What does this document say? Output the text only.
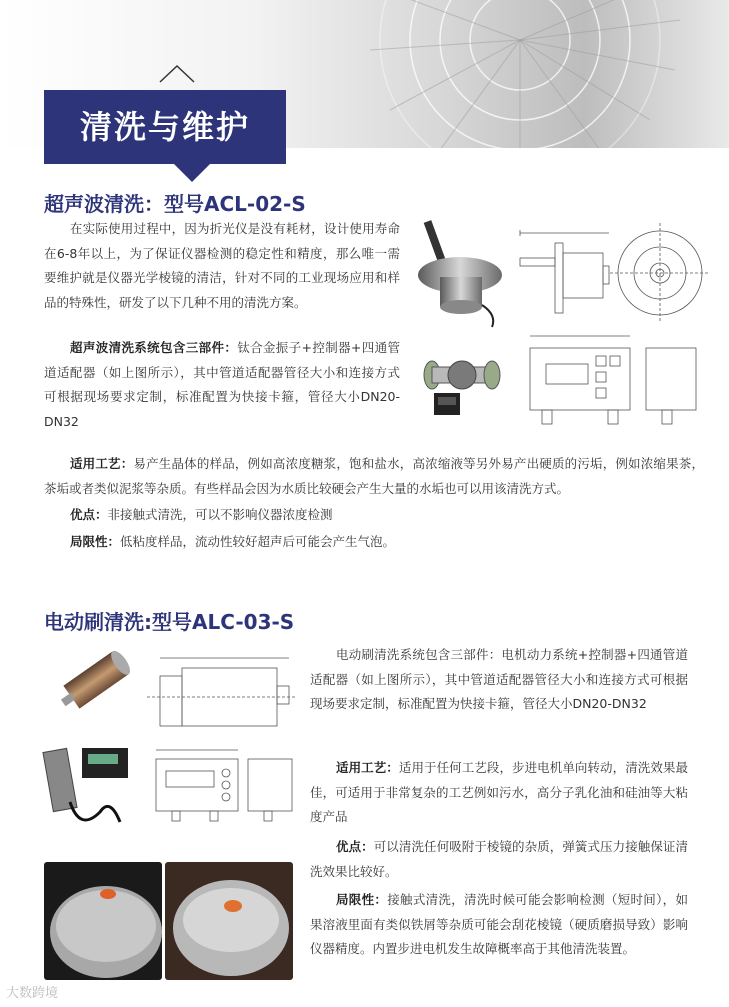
清洗与维护
超声波清洗：型号ACL-02-S

在实际使用过程中，因为折光仪是没有耗材，设计使用寿命在6-8年以上，为了保证仪器检测的稳定性和精度，那么唯一需要维护就是仪器光学棱镜的清洁，针对不同的工业现场应用和样品的特殊性，研发了以下几种不用的清洗方案。

超声波清洗系统包含三部件：钛合金振子+控制器+四通管道适配器（如上图所示），其中管道适配器管径大小和连接方式可根据现场要求定制，标准配置为快接卡箍，管径大小DN20-DN32

适用工艺：易产生晶体的样品，例如高浓度糖浆，饱和盐水，高浓缩液等另外易产出硬质的污垢，例如浓缩果茶，茶垢或者类似泥浆等杂质。有些样品会因为水质比较硬会产生大量的水垢也可以用该清洗方式。

优点：非接触式清洗，可以不影响仪器浓度检测

局限性：低粘度样品，流动性较好超声后可能会产生气泡。

电动刷清洗:型号ALC-03-S

电动刷清洗系统包含三部件：电机动力系统+控制器+四通管道适配器（如上图所示），其中管道适配器管径大小和连接方式可根据现场要求定制，标准配置为快接卡箍，管径大小DN20-DN32

适用工艺：适用于任何工艺段，步进电机单向转动，清洗效果最佳，可适用于非常复杂的工艺例如污水，高分子乳化油和硅油等大粘度产品

优点：可以清洗任何吸附于棱镜的杂质，弹簧式压力接触保证清洗效果比较好。

局限性：接触式清洗，清洗时候可能会影响检测（短时间），如果溶液里面有类似铁屑等杂质可能会刮花棱镜（硬质磨损导致）影响仪器精度。内置步进电机发生故障概率高于其他清洗装置。

大数跨境
